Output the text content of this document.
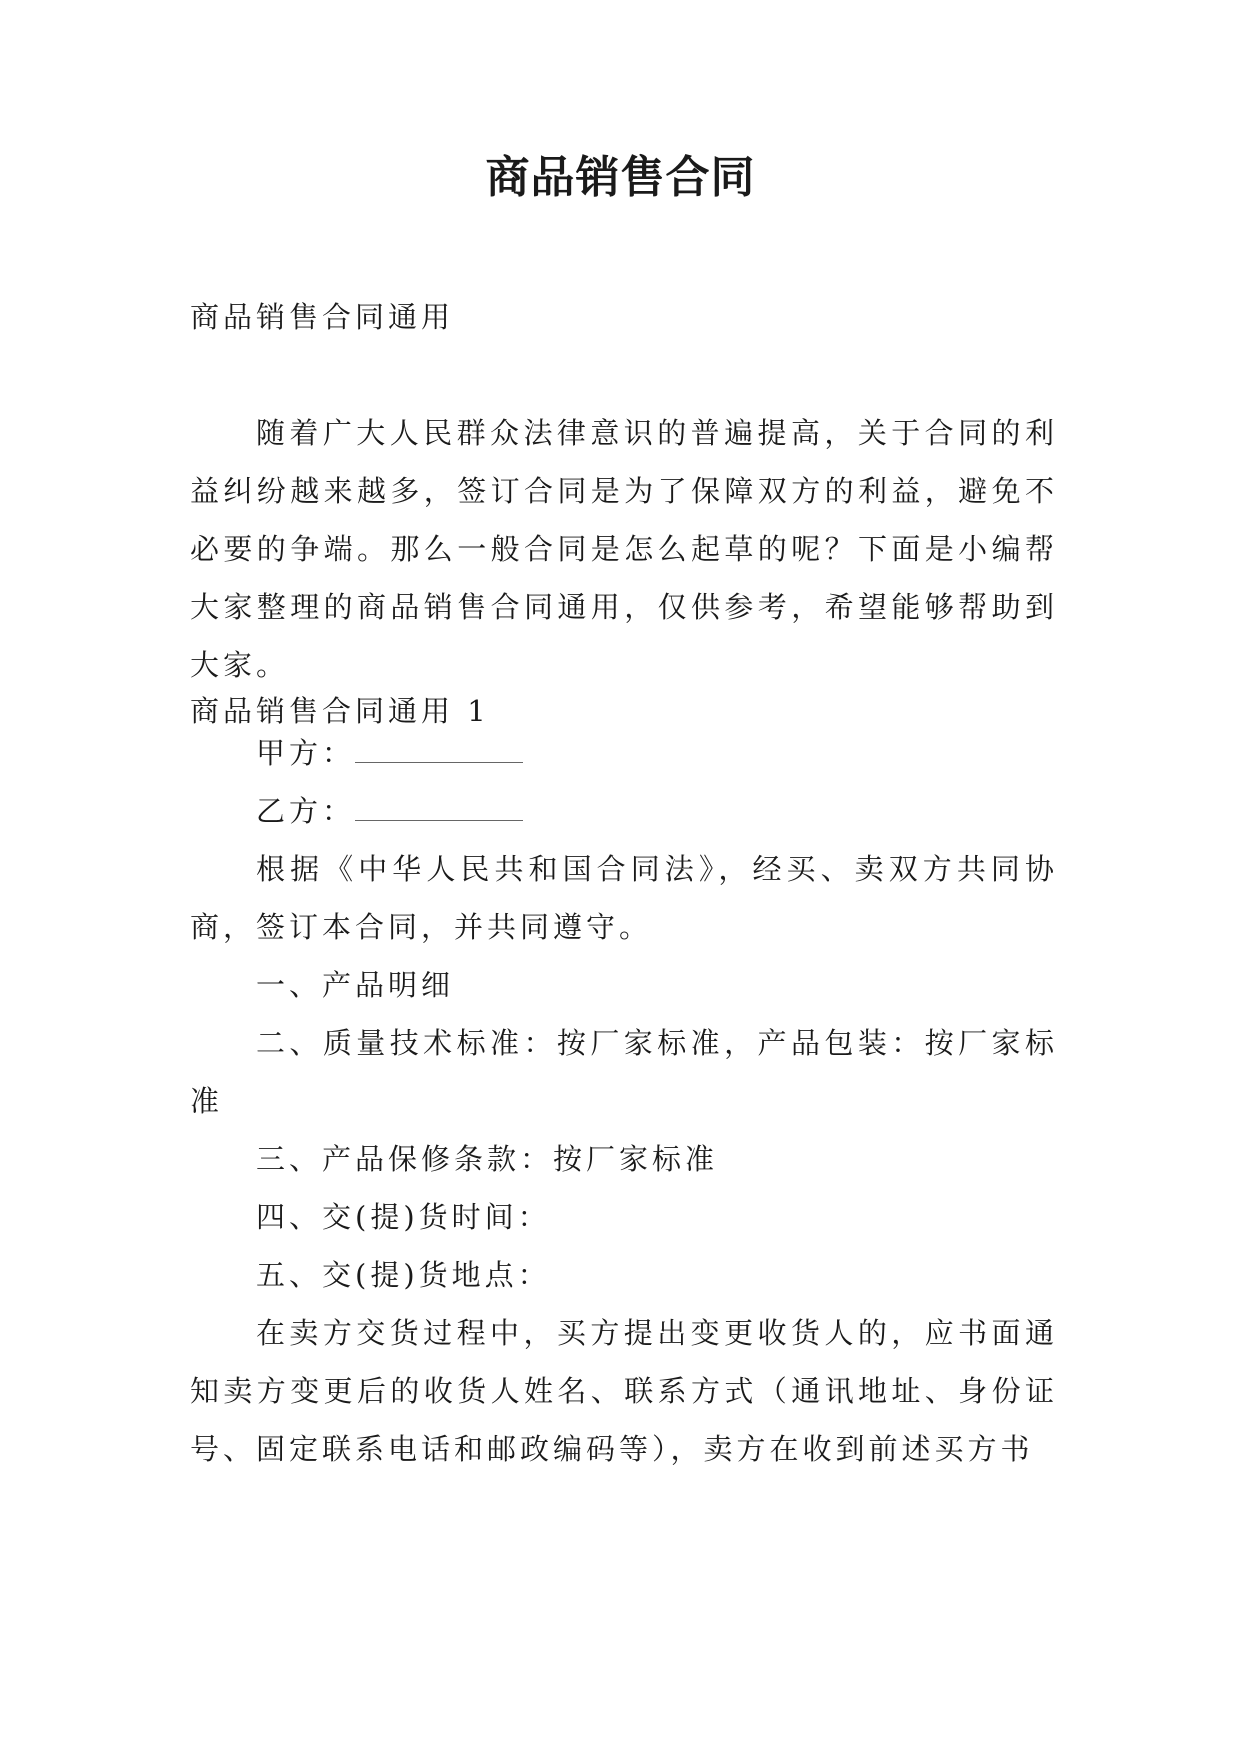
商品销售合同

商品销售合同通用

随着广大人民群众法律意识的普遍提高，关于合同的利益纠纷越来越多，签订合同是为了保障双方的利益，避免不必要的争端。那么一般合同是怎么起草的呢？下面是小编帮大家整理的商品销售合同通用，仅供参考，希望能够帮助到大家。

商品销售合同通用 1

甲方：

乙方：

根据《中华人民共和国合同法》，经买、卖双方共同协商，签订本合同，并共同遵守。

一、产品明细

二、质量技术标准：按厂家标准，产品包装：按厂家标准

三、产品保修条款：按厂家标准

四、交(提)货时间：

五、交(提)货地点：

在卖方交货过程中，买方提出变更收货人的，应书面通知卖方变更后的收货人姓名、联系方式（通讯地址、身份证号、固定联系电话和邮政编码等），卖方在收到前述买方书
